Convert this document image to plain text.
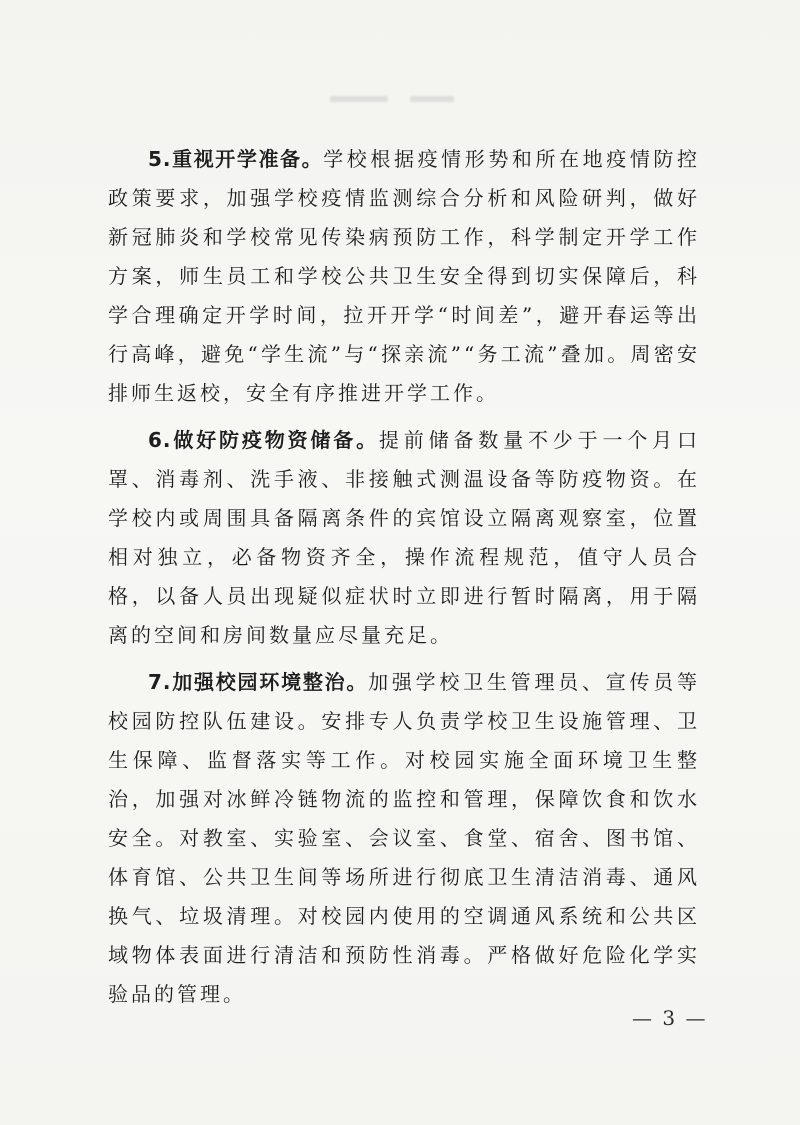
5.重视开学准备。学校根据疫情形势和所在地疫情防控政策要求，加强学校疫情监测综合分析和风险研判，做好新冠肺炎和学校常见传染病预防工作，科学制定开学工作方案，师生员工和学校公共卫生安全得到切实保障后，科学合理确定开学时间，拉开开学“时间差”，避开春运等出行高峰，避免“学生流”与“探亲流”“务工流”叠加。周密安排师生返校，安全有序推进开学工作。

6.做好防疫物资储备。提前储备数量不少于一个月口罩、消毒剂、洗手液、非接触式测温设备等防疫物资。在学校内或周围具备隔离条件的宾馆设立隔离观察室，位置相对独立，必备物资齐全，操作流程规范，值守人员合格，以备人员出现疑似症状时立即进行暂时隔离，用于隔离的空间和房间数量应尽量充足。

7.加强校园环境整治。加强学校卫生管理员、宣传员等校园防控队伍建设。安排专人负责学校卫生设施管理、卫生保障、监督落实等工作。对校园实施全面环境卫生整治，加强对冰鲜冷链物流的监控和管理，保障饮食和饮水安全。对教室、实验室、会议室、食堂、宿舍、图书馆、体育馆、公共卫生间等场所进行彻底卫生清洁消毒、通风换气、垃圾清理。对校园内使用的空调通风系统和公共区域物体表面进行清洁和预防性消毒。严格做好危险化学实验品的管理。

— 3 —
